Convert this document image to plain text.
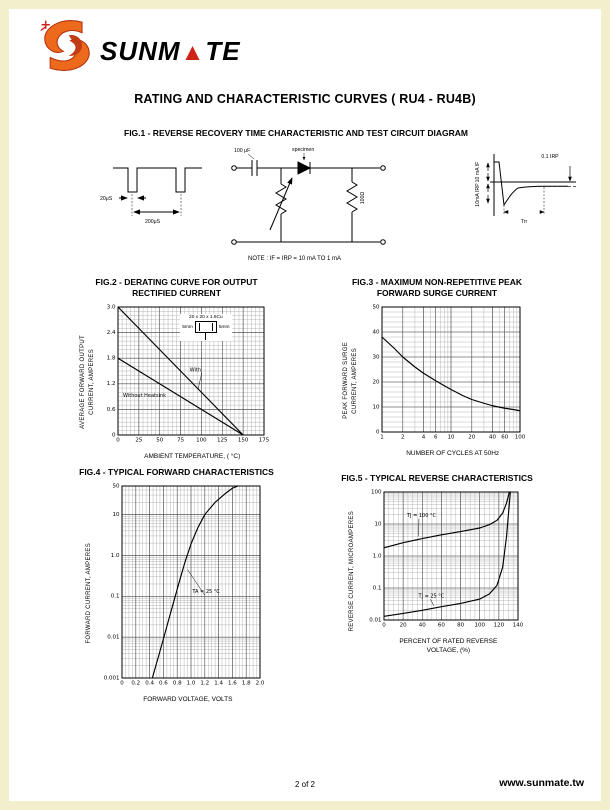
SUNM▲TE
RATING AND CHARACTERISTIC CURVES ( RU4 - RU4B)
FIG.1 - REVERSE RECOVERY TIME CHARACTERISTIC AND TEST CIRCUIT DIAGRAM
20μS
200μS
100 μF	specimen
100Ω
NOTE : IF = IRP = 10 mA TO 1 mA
10 mA IF
10mA IRP
0.1 IRP
Trr
FIG.2 - DERATING CURVE FOR OUTPUT
RECTIFIED CURRENT
AVERAGE FORWARD OUTPUT CURRENT, AMPERES
20 x 20 x 1.6Cu
5mm	5mm
AMBIENT TEMPERATURE, ( °C)
FIG.3 - MAXIMUM NON-REPETITIVE PEAK
FORWARD SURGE CURRENT
PEAK FORWARD SURGE CURRENT, AMPERES
NUMBER OF CYCLES AT 50Hz
FIG.4 - TYPICAL FORWARD CHARACTERISTICS
FORWARD CURRENT, AMPERES
FORWARD VOLTAGE, VOLTS
FIG.5 - TYPICAL REVERSE CHARACTERISTICS
REVERSE CURRENT, MICROAMPERES
PERCENT OF RATED REVERSE
VOLTAGE, (%)
2 of 2	www.sunmate.tw
